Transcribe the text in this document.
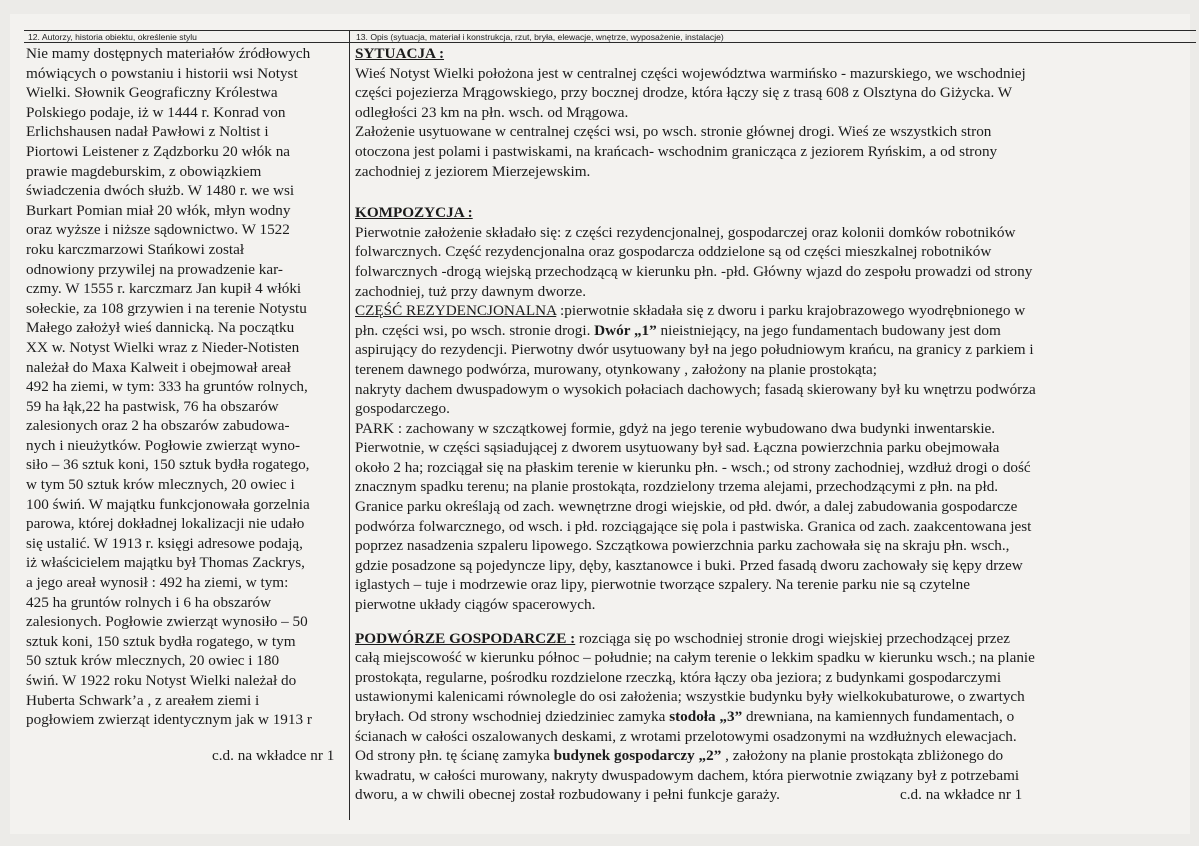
12. Autorzy, historia obiektu, określenie stylu	13. Opis (sytuacja, materiał i konstrukcja, rzut, bryła, elewacje, wnętrze, wyposażenie, instalacje)
Nie mamy dostępnych materiałów źródłowych
mówiących o powstaniu i historii wsi Notyst
Wielki. Słownik Geograficzny Królestwa
Polskiego podaje, iż w 1444 r. Konrad von
Erlichshausen nadał Pawłowi z Noltist i
Piortowi Leistener z Ządzborku 20 włók na
prawie magdeburskim, z obowiązkiem
świadczenia dwóch służb. W 1480 r. we wsi
Burkart Pomian miał 20 włók, młyn wodny
oraz wyższe i niższe sądownictwo. W 1522
roku karczmarzowi Stańkowi został
odnowiony przywilej na prowadzenie kar-
czmy. W 1555 r. karczmarz Jan kupił 4 włóki
sołeckie, za 108 grzywien i na terenie Notystu
Małego założył wieś dannicką. Na początku
XX w. Notyst Wielki wraz z Nieder-Notisten
należał do Maxa Kalweit i obejmował areał
492 ha ziemi, w tym: 333 ha gruntów rolnych,
59 ha łąk,22 ha pastwisk, 76 ha obszarów
zalesionych oraz 2 ha obszarów zabudowa-
nych i nieużytków. Pogłowie zwierząt wyno-
siło – 36 sztuk koni, 150 sztuk bydła rogatego,
w tym 50 sztuk krów mlecznych, 20 owiec i
100 świń. W majątku funkcjonowała gorzelnia
parowa, której dokładnej lokalizacji nie udało
się ustalić. W 1913 r. księgi adresowe podają,
iż właścicielem majątku był Thomas Zackrys,
a jego areał wynosił : 492 ha ziemi, w tym:
425 ha gruntów rolnych i 6 ha obszarów
zalesionych. Pogłowie zwierząt wynosiło – 50
sztuk koni, 150 sztuk bydła rogatego, w tym
50 sztuk krów mlecznych, 20 owiec i 180
świń. W 1922 roku Notyst Wielki należał do
Huberta Schwark’a , z areałem ziemi i
pogłowiem zwierząt identycznym jak w 1913 r
c.d. na wkładce nr 1
SYTUACJA :
Wieś Notyst Wielki położona jest w centralnej części województwa warmińsko - mazurskiego, we wschodniej
części pojezierza Mrągowskiego, przy bocznej drodze, która łączy się z trasą 608 z Olsztyna do Giżycka. W
odległości 23 km na płn. wsch. od Mrągowa.
Założenie usytuowane w centralnej części wsi, po wsch. stronie głównej drogi. Wieś ze wszystkich stron
otoczona jest polami i pastwiskami, na krańcach- wschodnim granicząca z jeziorem Ryńskim, a od strony
zachodniej z jeziorem Mierzejewskim.
KOMPOZYCJA :
Pierwotnie założenie składało się: z części rezydencjonalnej, gospodarczej oraz kolonii domków robotników
folwarcznych. Część rezydencjonalna oraz gospodarcza oddzielone są od części mieszkalnej robotników
folwarcznych -drogą wiejską przechodzącą w kierunku płn. -płd. Główny wjazd do zespołu prowadzi od strony
zachodniej, tuż przy dawnym dworze.
CZĘŚĆ REZYDENCJONALNA :pierwotnie składała się z dworu i parku krajobrazowego wyodrębnionego w
płn. części wsi, po wsch. stronie drogi. Dwór „1” nieistniejący, na jego fundamentach budowany jest dom
aspirujący do rezydencji. Pierwotny dwór usytuowany był na jego południowym krańcu, na granicy z parkiem i
terenem dawnego podwórza, murowany, otynkowany , założony na planie prostokąta;
nakryty dachem dwuspadowym o wysokich połaciach dachowych; fasadą skierowany był ku wnętrzu podwórza
gospodarczego.
PARK : zachowany w szczątkowej formie, gdyż na jego terenie wybudowano dwa budynki inwentarskie.
Pierwotnie, w części sąsiadującej z dworem usytuowany był sad. Łączna powierzchnia parku obejmowała
około 2 ha; rozciągał się na płaskim terenie w kierunku płn. - wsch.; od strony zachodniej, wzdłuż drogi o dość
znacznym spadku terenu; na planie prostokąta, rozdzielony trzema alejami, przechodzącymi z płn. na płd.
Granice parku określają od zach. wewnętrzne drogi wiejskie, od płd. dwór, a dalej zabudowania gospodarcze
podwórza folwarcznego, od wsch. i płd. rozciągające się pola i pastwiska. Granica od zach. zaakcentowana jest
poprzez nasadzenia szpaleru lipowego. Szczątkowa powierzchnia parku zachowała się na skraju płn. wsch.,
gdzie posadzone są pojedyncze lipy, dęby, kasztanowce i buki. Przed fasadą dworu zachowały się kępy drzew
iglastych – tuje i modrzewie oraz lipy, pierwotnie tworzące szpalery. Na terenie parku nie są czytelne
pierwotne układy ciągów spacerowych.
PODWÓRZE GOSPODARCZE : rozciąga się po wschodniej stronie drogi wiejskiej przechodzącej przez
całą miejscowość w kierunku północ – południe; na całym terenie o lekkim spadku w kierunku wsch.; na planie
prostokąta, regularne, pośrodku rozdzielone rzeczką, która łączy oba jeziora; z budynkami gospodarczymi
ustawionymi kalenicami równolegle do osi założenia; wszystkie budynku były wielkokubaturowe, o zwartych
bryłach. Od strony wschodniej dziedziniec zamyka stodoła „3” drewniana, na kamiennych fundamentach, o
ścianach w całości oszalowanych deskami, z wrotami przelotowymi osadzonymi na wzdłużnych elewacjach.
Od strony płn. tę ścianę zamyka budynek gospodarczy „2” , założony na planie prostokąta zbliżonego do
kwadratu, w całości murowany, nakryty dwuspadowym dachem, która pierwotnie związany był z potrzebami
dworu, a w chwili obecnej został rozbudowany i pełni funkcje garaży.	c.d. na wkładce nr 1
